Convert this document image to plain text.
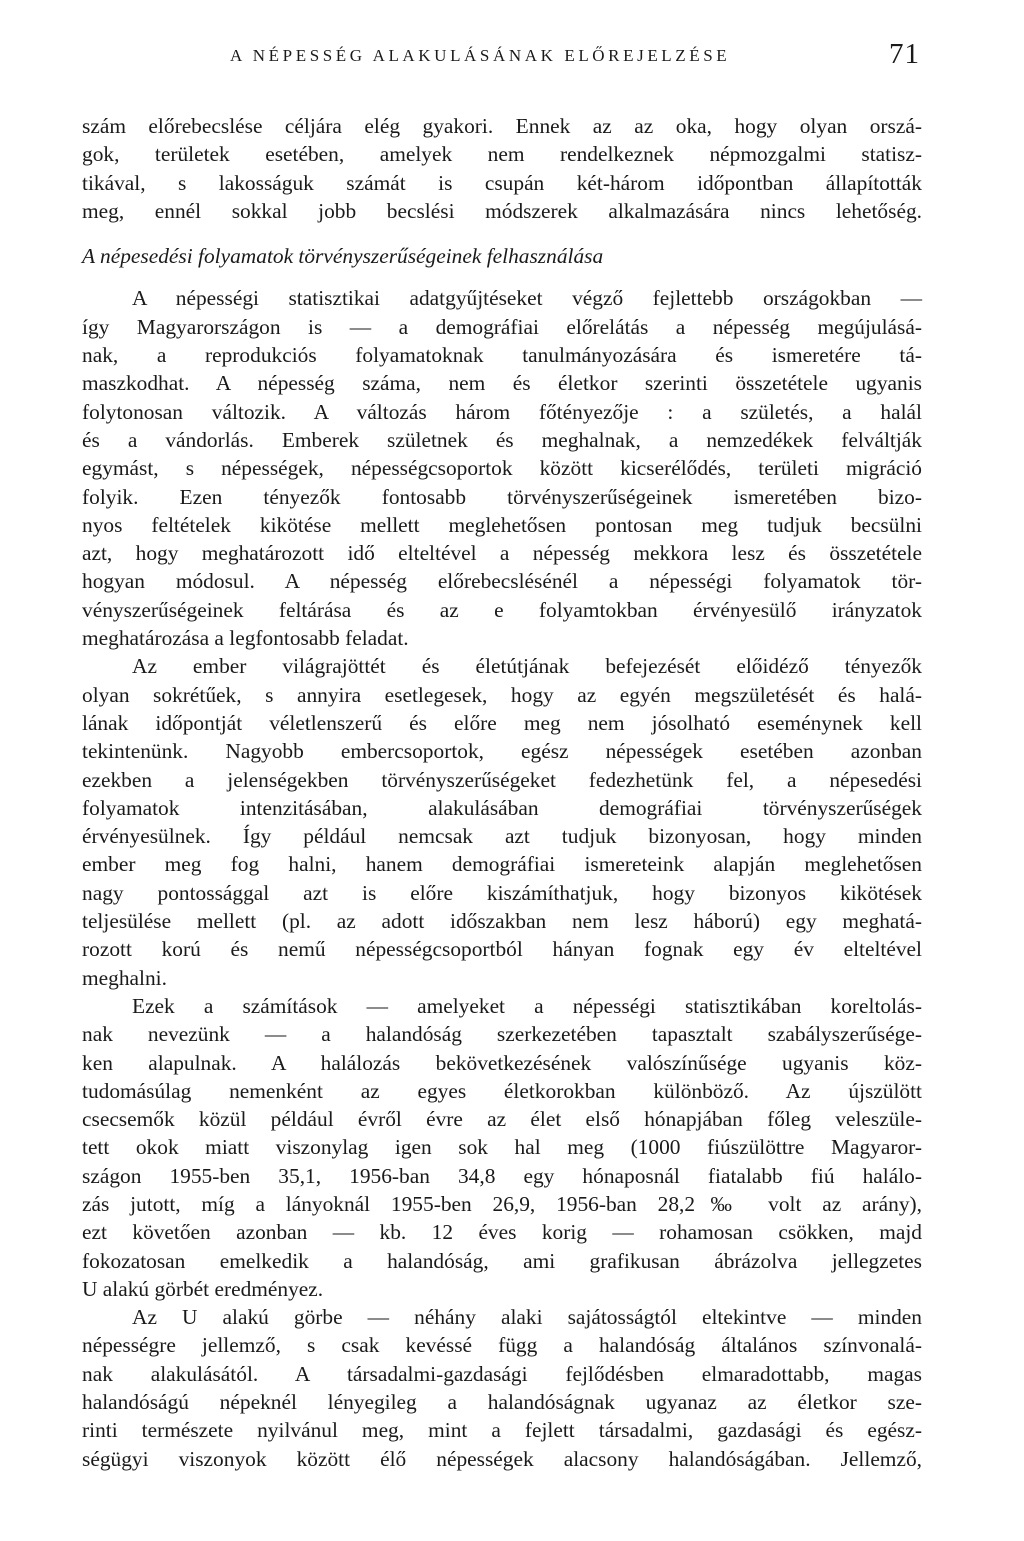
A NÉPESSÉG ALAKULÁSÁNAK ELŐREJELZÉSE	71

szám előrebecslése céljára elég gyakori. Ennek az az oka, hogy olyan orszá-
gok, területek esetében, amelyek nem rendelkeznek népmozgalmi statisz-
tikával, s lakosságuk számát is csupán két-három időpontban állapították
meg, ennél sokkal jobb becslési módszerek alkalmazására nincs lehetőség.

A népesedési folyamatok törvényszerűségeinek felhasználása

A népességi statisztikai adatgyűjtéseket végző fejlettebb országokban —
így Magyarországon is — a demográfiai előrelátás a népesség megújulásá-
nak, a reprodukciós folyamatoknak tanulmányozására és ismeretére tá-
maszkodhat. A népesség száma, nem és életkor szerinti összetétele ugyanis
folytonosan változik. A változás három főtényezője : a születés, a halál
és a vándorlás. Emberek születnek és meghalnak, a nemzedékek felváltják
egymást, s népességek, népességcsoportok között kicserélődés, területi migráció
folyik. Ezen tényezők fontosabb törvényszerűségeinek ismeretében bizo-
nyos feltételek kikötése mellett meglehetősen pontosan meg tudjuk becsülni
azt, hogy meghatározott idő elteltével a népesség mekkora lesz és összetétele
hogyan módosul. A népesség előrebecslésénél a népességi folyamatok tör-
vényszerűségeinek feltárása és az e folyamtokban érvényesülő irányzatok
meghatározása a legfontosabb feladat.

Az ember világrajöttét és életútjának befejezését előidéző tényezők
olyan sokrétűek, s annyira esetlegesek, hogy az egyén megszületését és halá-
lának időpontját véletlenszerű és előre meg nem jósolható eseménynek kell
tekintenünk. Nagyobb embercsoportok, egész népességek esetében azonban
ezekben a jelenségekben törvényszerűségeket fedezhetünk fel, a népesedési
folyamatok intenzitásában, alakulásában demográfiai törvényszerűségek
érvényesülnek. Így például nemcsak azt tudjuk bizonyosan, hogy minden
ember meg fog halni, hanem demográfiai ismereteink alapján meglehetősen
nagy pontossággal azt is előre kiszámíthatjuk, hogy bizonyos kikötések
teljesülése mellett (pl. az adott időszakban nem lesz háború) egy meghatá-
rozott korú és nemű népességcsoportból hányan fognak egy év elteltével
meghalni.

Ezek a számítások — amelyeket a népességi statisztikában koreltolás-
nak nevezünk — a halandóság szerkezetében tapasztalt szabályszerűsége-
ken alapulnak. A halálozás bekövetkezésének valószínűsége ugyanis köz-
tudomásúlag nemenként az egyes életkorokban különböző. Az újszülött
csecsemők közül például évről évre az élet első hónapjában főleg veleszüle-
tett okok miatt viszonylag igen sok hal meg (1000 fiúszülöttre Magyaror-
szágon 1955-ben 35,1, 1956-ban 34,8 egy hónaposnál fiatalabb fiú halálo-
zás jutott, míg a lányoknál 1955-ben 26,9, 1956-ban 28,2‰ volt az arány),
ezt követően azonban — kb. 12 éves korig — rohamosan csökken, majd
fokozatosan emelkedik a halandóság, ami grafikusan ábrázolva jellegzetes
U alakú görbét eredményez.

Az U alakú görbe — néhány alaki sajátosságtól eltekintve — minden
népességre jellemző, s csak kevéssé függ a halandóság általános színvonalá-
nak alakulásától. A társadalmi-gazdasági fejlődésben elmaradottabb, magas
halandóságú népeknél lényegileg a halandóságnak ugyanaz az életkor sze-
rinti természete nyilvánul meg, mint a fejlett társadalmi, gazdasági és egész-
ségügyi viszonyok között élő népességek alacsony halandóságában. Jellemző,
